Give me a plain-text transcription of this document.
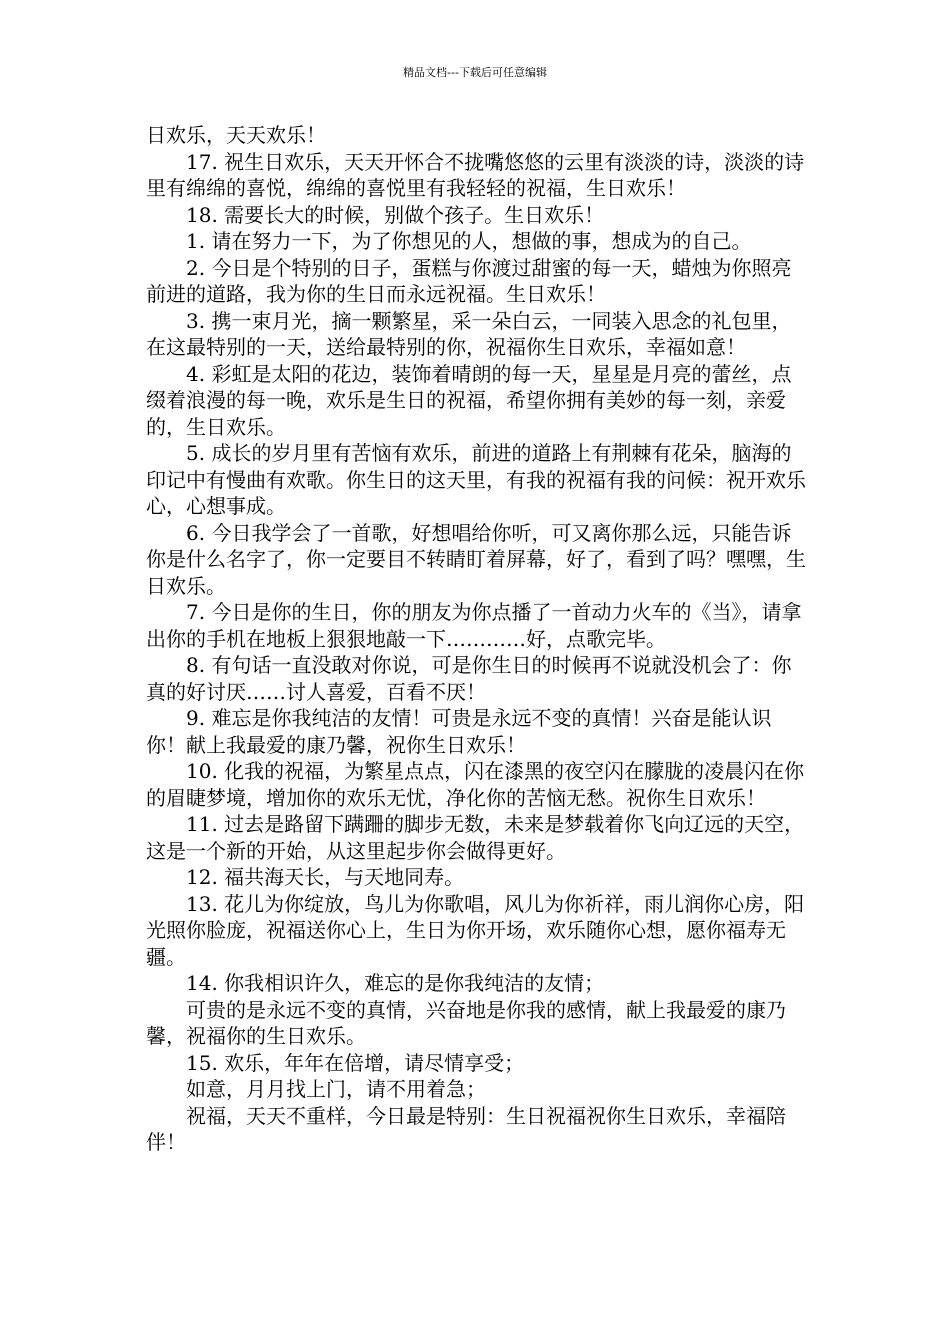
精品文档---下载后可任意编辑

日欢乐，天天欢乐！

17. 祝生日欢乐，天天开怀合不拢嘴悠悠的云里有淡淡的诗，淡淡的诗里有绵绵的喜悦，绵绵的喜悦里有我轻轻的祝福，生日欢乐！

18. 需要长大的时候，别做个孩子。生日欢乐！

1. 请在努力一下，为了你想见的人，想做的事，想成为的自己。

2. 今日是个特别的日子，蛋糕与你渡过甜蜜的每一天，蜡烛为你照亮前进的道路，我为你的生日而永远祝福。生日欢乐！

3. 携一束月光，摘一颗繁星，采一朵白云，一同装入思念的礼包里，在这最特别的一天，送给最特别的你，祝福你生日欢乐，幸福如意！

4. 彩虹是太阳的花边，装饰着晴朗的每一天，星星是月亮的蕾丝，点缀着浪漫的每一晚，欢乐是生日的祝福，希望你拥有美妙的每一刻，亲爱的，生日欢乐。

5. 成长的岁月里有苦恼有欢乐，前进的道路上有荆棘有花朵，脑海的印记中有慢曲有欢歌。你生日的这天里，有我的祝福有我的问候：祝开欢乐心，心想事成。

6. 今日我学会了一首歌，好想唱给你听，可又离你那么远，只能告诉你是什么名字了，你一定要目不转睛盯着屏幕，好了，看到了吗？嘿嘿，生日欢乐。

7. 今日是你的生日，你的朋友为你点播了一首动力火车的《当》，请拿出你的手机在地板上狠狠地敲一下…………好，点歌完毕。

8. 有句话一直没敢对你说，可是你生日的时候再不说就没机会了：你真的好讨厌……讨人喜爱，百看不厌！

9. 难忘是你我纯洁的友情！可贵是永远不变的真情！兴奋是能认识你！献上我最爱的康乃馨，祝你生日欢乐！

10. 化我的祝福，为繁星点点，闪在漆黑的夜空闪在朦胧的凌晨闪在你的眉睫梦境，增加你的欢乐无忧，净化你的苦恼无愁。祝你生日欢乐！

11. 过去是路留下蹒跚的脚步无数，未来是梦载着你飞向辽远的天空，这是一个新的开始，从这里起步你会做得更好。

12. 福共海天长，与天地同寿。

13. 花儿为你绽放，鸟儿为你歌唱，风儿为你祈祥，雨儿润你心房，阳光照你脸庞，祝福送你心上，生日为你开场，欢乐随你心想，愿你福寿无疆。

14. 你我相识许久，难忘的是你我纯洁的友情；

可贵的是永远不变的真情，兴奋地是你我的感情，献上我最爱的康乃馨，祝福你的生日欢乐。

15. 欢乐，年年在倍增，请尽情享受；

如意，月月找上门，请不用着急；

祝福，天天不重样，今日最是特别：生日祝福祝你生日欢乐，幸福陪伴！
